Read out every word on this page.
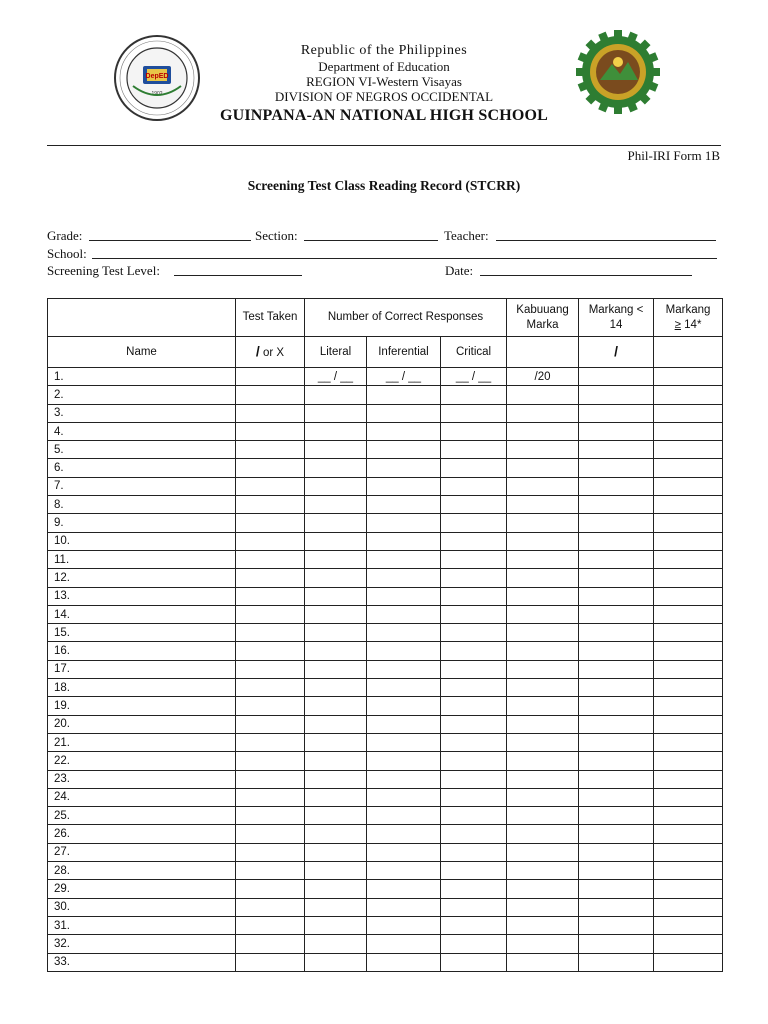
DepED
1902
Republic of the Philippines
Department of Education
REGION VI-Western Visayas
DIVISION OF NEGROS OCCIDENTAL
GUINPANA-AN NATIONAL HIGH SCHOOL
Phil-IRI Form 1B
Screening Test Class Reading Record (STCRR)
Grade:	Section:	Teacher:
School:
Screening Test Level:	Date:
	Test Taken	Number of Correct Responses			Kabuuang Marka	Markang < 14	Markang
≥ 14*
Name	/ or X	Literal	Inferential	Critical		/	
1.		__ / __	__ / __	__ / __	/20		
2.							
3.							
4.							
5.							
6.							
7.							
8.							
9.							
10.							
11.							
12.							
13.							
14.							
15.							
16.							
17.							
18.							
19.							
20.							
21.							
22.							
23.							
24.							
25.							
26.							
27.							
28.							
29.							
30.							
31.							
32.							
33.							
